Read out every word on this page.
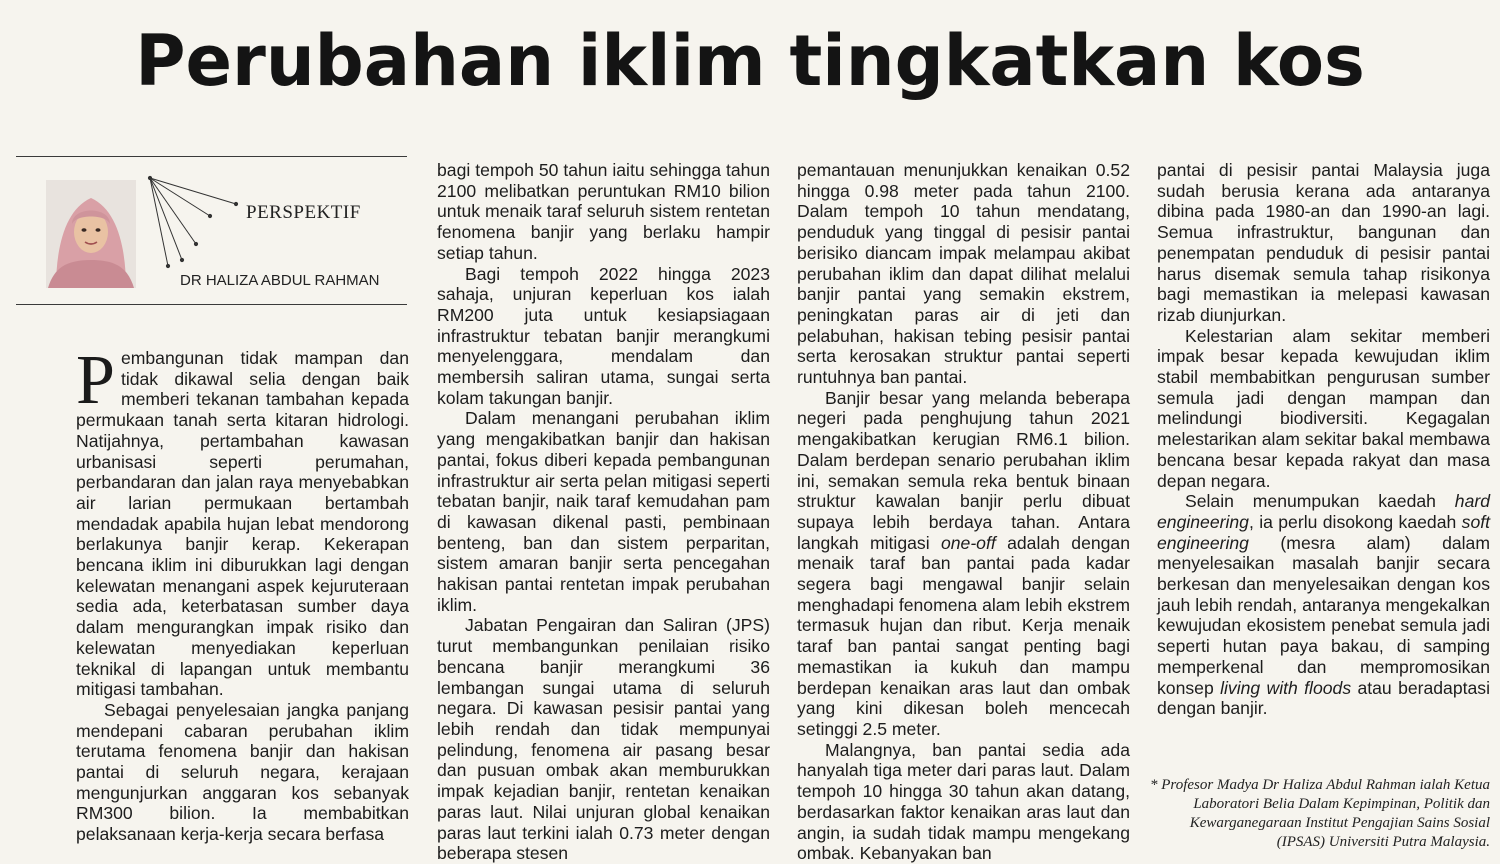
Perubahan iklim tingkatkan kos
PERSPEKTIF
DR HALIZA ABDUL RAHMAN
P embangunan tidak mampan dan tidak dikawal selia dengan baik memberi tekanan tambahan kepada permukaan tanah serta kitaran hidrologi. Natijahnya, pertambahan kawasan urbanisasi seperti perumahan, perbandaran dan jalan raya menyebabkan air larian permukaan bertambah mendadak apabila hujan lebat mendorong berlakunya banjir kerap. Kekerapan bencana iklim ini diburukkan lagi dengan kelewatan menangani aspek kejuruteraan sedia ada, keterbatasan sumber daya dalam mengurangkan impak risiko dan kelewatan menyediakan keperluan teknikal di lapangan untuk membantu mitigasi tambahan.

Sebagai penyelesaian jangka panjang mendepani cabaran perubahan iklim terutama fenomena banjir dan hakisan pantai di seluruh negara, kerajaan mengunjurkan anggaran kos sebanyak RM300 bilion. Ia membabitkan pelaksanaan kerja-kerja secara berfasa

bagi tempoh 50 tahun iaitu sehingga tahun 2100 melibatkan peruntukan RM10 bilion untuk menaik taraf seluruh sistem rentetan fenomena banjir yang berlaku hampir setiap tahun.

Bagi tempoh 2022 hingga 2023 sahaja, unjuran keperluan kos ialah RM200 juta untuk kesiapsiagaan infrastruktur tebatan banjir merangkumi menyelenggara, mendalam dan membersih saliran utama, sungai serta kolam takungan banjir.

Dalam menangani perubahan iklim yang mengakibatkan banjir dan hakisan pantai, fokus diberi kepada pembangunan infrastruktur air serta pelan mitigasi seperti tebatan banjir, naik taraf kemudahan pam di kawasan dikenal pasti, pembinaan benteng, ban dan sistem perparitan, sistem amaran banjir serta pencegahan hakisan pantai rentetan impak perubahan iklim.

Jabatan Pengairan dan Saliran (JPS) turut membangunkan penilaian risiko bencana banjir merangkumi 36 lembangan sungai utama di seluruh negara. Di kawasan pesisir pantai yang lebih rendah dan tidak mempunyai pelindung, fenomena air pasang besar dan pusuan ombak akan memburukkan impak kejadian banjir, rentetan kenaikan paras laut. Nilai unjuran global kenaikan paras laut terkini ialah 0.73 meter dengan beberapa stesen

pemantauan menunjukkan kenaikan 0.52 hingga 0.98 meter pada tahun 2100. Dalam tempoh 10 tahun mendatang, penduduk yang tinggal di pesisir pantai berisiko diancam impak melampau akibat perubahan iklim dan dapat dilihat melalui banjir pantai yang semakin ekstrem, peningkatan paras air di jeti dan pelabuhan, hakisan tebing pesisir pantai serta kerosakan struktur pantai seperti runtuhnya ban pantai.

Banjir besar yang melanda beberapa negeri pada penghujung tahun 2021 mengakibatkan kerugian RM6.1 bilion. Dalam berdepan senario perubahan iklim ini, semakan semula reka bentuk binaan struktur kawalan banjir perlu dibuat supaya lebih berdaya tahan. Antara langkah mitigasi one-off adalah dengan menaik taraf ban pantai pada kadar segera bagi mengawal banjir selain menghadapi fenomena alam lebih ekstrem termasuk hujan dan ribut. Kerja menaik taraf ban pantai sangat penting bagi memastikan ia kukuh dan mampu berdepan kenaikan aras laut dan ombak yang kini dikesan boleh mencecah setinggi 2.5 meter.

Malangnya, ban pantai sedia ada hanyalah tiga meter dari paras laut. Dalam tempoh 10 hingga 30 tahun akan datang, berdasarkan faktor kenaikan aras laut dan angin, ia sudah tidak mampu mengekang ombak. Kebanyakan ban

pantai di pesisir pantai Malaysia juga sudah berusia kerana ada antaranya dibina pada 1980-an dan 1990-an lagi. Semua infrastruktur, bangunan dan penempatan penduduk di pesisir pantai harus disemak semula tahap risikonya bagi memastikan ia melepasi kawasan rizab diunjurkan.

Kelestarian alam sekitar memberi impak besar kepada kewujudan iklim stabil membabitkan pengurusan sumber semula jadi dengan mampan dan melindungi biodiversiti. Kegagalan melestarikan alam sekitar bakal membawa bencana besar kepada rakyat dan masa depan negara.

Selain menumpukan kaedah hard engineering, ia perlu disokong kaedah soft engineering (mesra alam) dalam menyelesaikan masalah banjir secara berkesan dan menyelesaikan dengan kos jauh lebih rendah, antaranya mengekalkan kewujudan ekosistem penebat semula jadi seperti hutan paya bakau, di samping memperkenal dan mempromosikan konsep living with floods atau beradaptasi dengan banjir.

* Profesor Madya Dr Haliza Abdul Rahman ialah Ketua Laboratori Belia Dalam Kepimpinan, Politik dan Kewarganegaraan Institut Pengajian Sains Sosial (IPSAS) Universiti Putra Malaysia.
